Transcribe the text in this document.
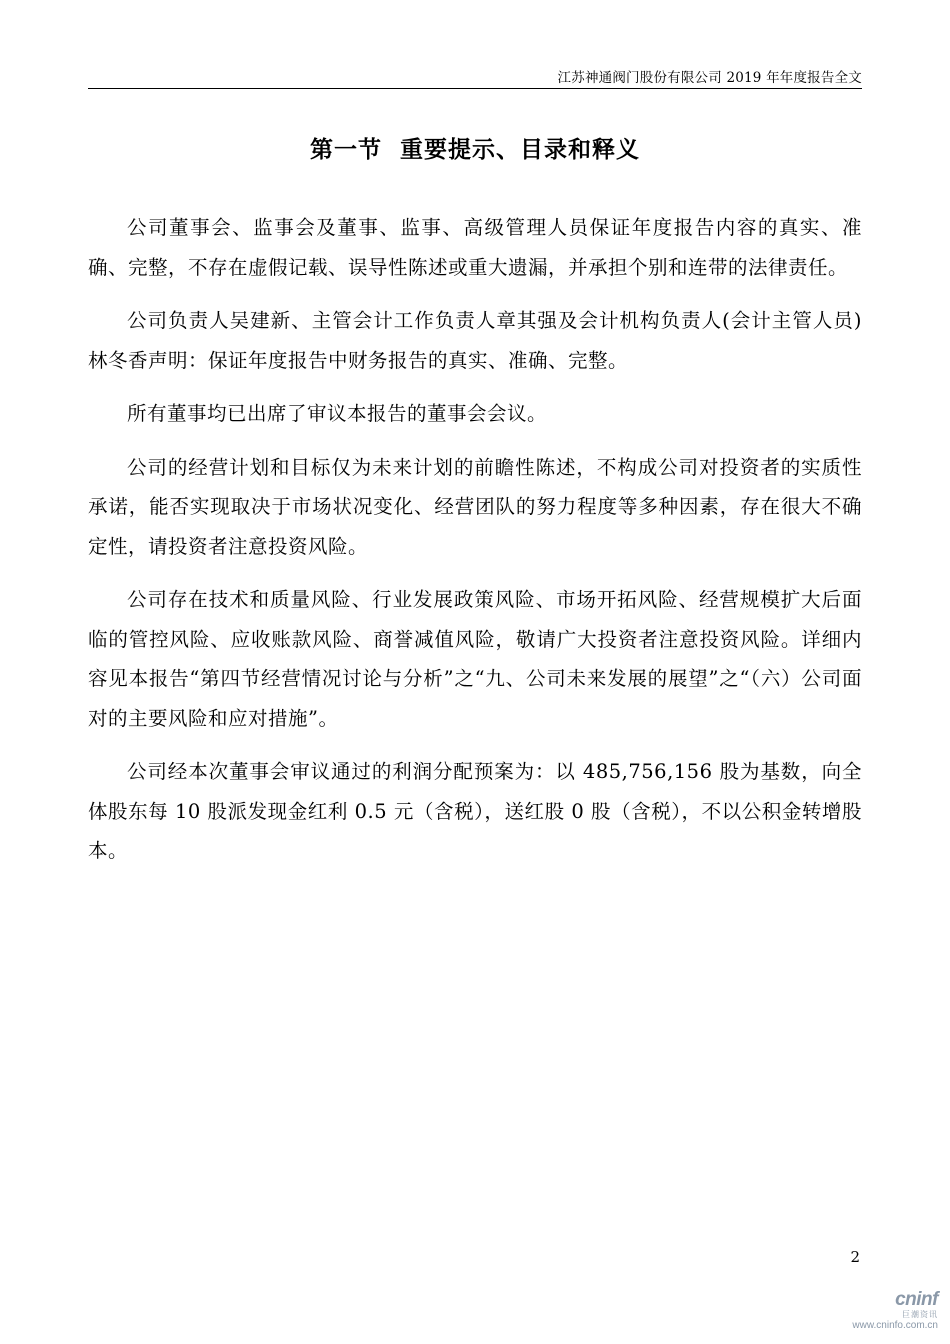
江苏神通阀门股份有限公司 2019 年年度报告全文
第一节  重要提示、目录和释义

公司董事会、监事会及董事、监事、高级管理人员保证年度报告内容的真实、准确、完整，不存在虚假记载、误导性陈述或重大遗漏，并承担个别和连带的法律责任。

公司负责人吴建新、主管会计工作负责人章其强及会计机构负责人(会计主管人员)林冬香声明：保证年度报告中财务报告的真实、准确、完整。

所有董事均已出席了审议本报告的董事会会议。

公司的经营计划和目标仅为未来计划的前瞻性陈述，不构成公司对投资者的实质性承诺，能否实现取决于市场状况变化、经营团队的努力程度等多种因素，存在很大不确定性，请投资者注意投资风险。

公司存在技术和质量风险、行业发展政策风险、市场开拓风险、经营规模扩大后面临的管控风险、应收账款风险、商誉减值风险，敬请广大投资者注意投资风险。详细内容见本报告“第四节经营情况讨论与分析”之“九、公司未来发展的展望”之“（六）公司面对的主要风险和应对措施”。

公司经本次董事会审议通过的利润分配预案为：以 485,756,156 股为基数，向全体股东每 10 股派发现金红利 0.5 元（含税），送红股 0 股（含税），不以公积金转增股本。

2
cninf
巨潮资讯
www.cninfo.com.cn
